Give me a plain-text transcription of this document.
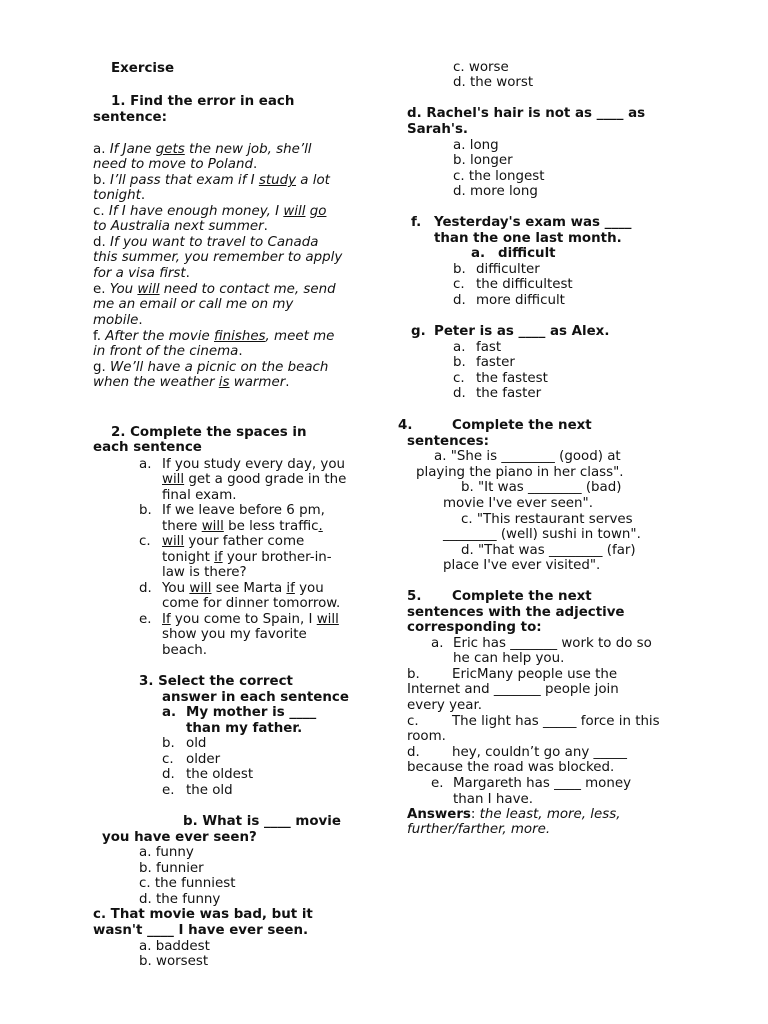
Exercise
1. Find the error in each
sentence:
a. If Jane gets the new job, she’ll
need to move to Poland.
b. I’ll pass that exam if I study a lot
tonight.
c. If I have enough money, I will go
to Australia next summer.
d. If you want to travel to Canada
this summer, you remember to apply
for a visa first.
e. You will need to contact me, send
me an email or call me on my
mobile.
f. After the movie finishes, meet me
in front of the cinema.
g. We’ll have a picnic on the beach
when the weather is warmer.
2. Complete the spaces in
each sentence
a. If you study every day, you
will get a good grade in the
final exam.
b. If we leave before 6 pm,
there will be less traffic.
c. will your father come
tonight if your brother-in-
law is there?
d. You will see Marta if you
come for dinner tomorrow.
e. If you come to Spain, I will
show you my favorite
beach.
3. Select the correct
answer in each sentence
a. My mother is ____
than my father.
b. old
c. older
d. the oldest
e. the old
b. What is ____ movie
you have ever seen?
a. funny
b. funnier
c. the funniest
d. the funny
c. That movie was bad, but it
wasn't ____ I have ever seen.
a. baddest
b. worsest
c. worse
d. the worst
d. Rachel's hair is not as ____ as
Sarah's.
a. long
b. longer
c. the longest
d. more long
f. Yesterday's exam was ____
than the one last month.
a. difficult
b. difficulter
c. the difficultest
d. more difficult
g. Peter is as ____ as Alex.
a. fast
b. faster
c. the fastest
d. the faster
4.	Complete the next
sentences:
a. "She is ________ (good) at
playing the piano in her class".
b. "It was ________ (bad)
movie I've ever seen".
c. "This restaurant serves
________ (well) sushi in town".
d. "That was ________ (far)
place I've ever visited".
5. Complete the next
sentences with the adjective
corresponding to:
a. Eric has _______ work to do so
he can help you.
b. EricMany people use the
Internet and _______ people join
every year.
c. The light has _____ force in this
room.
d. hey, couldn’t go any _____
because the road was blocked.
e. Margareth has ____ money
than I have.
Answers: the least, more, less,
further/farther, more.
